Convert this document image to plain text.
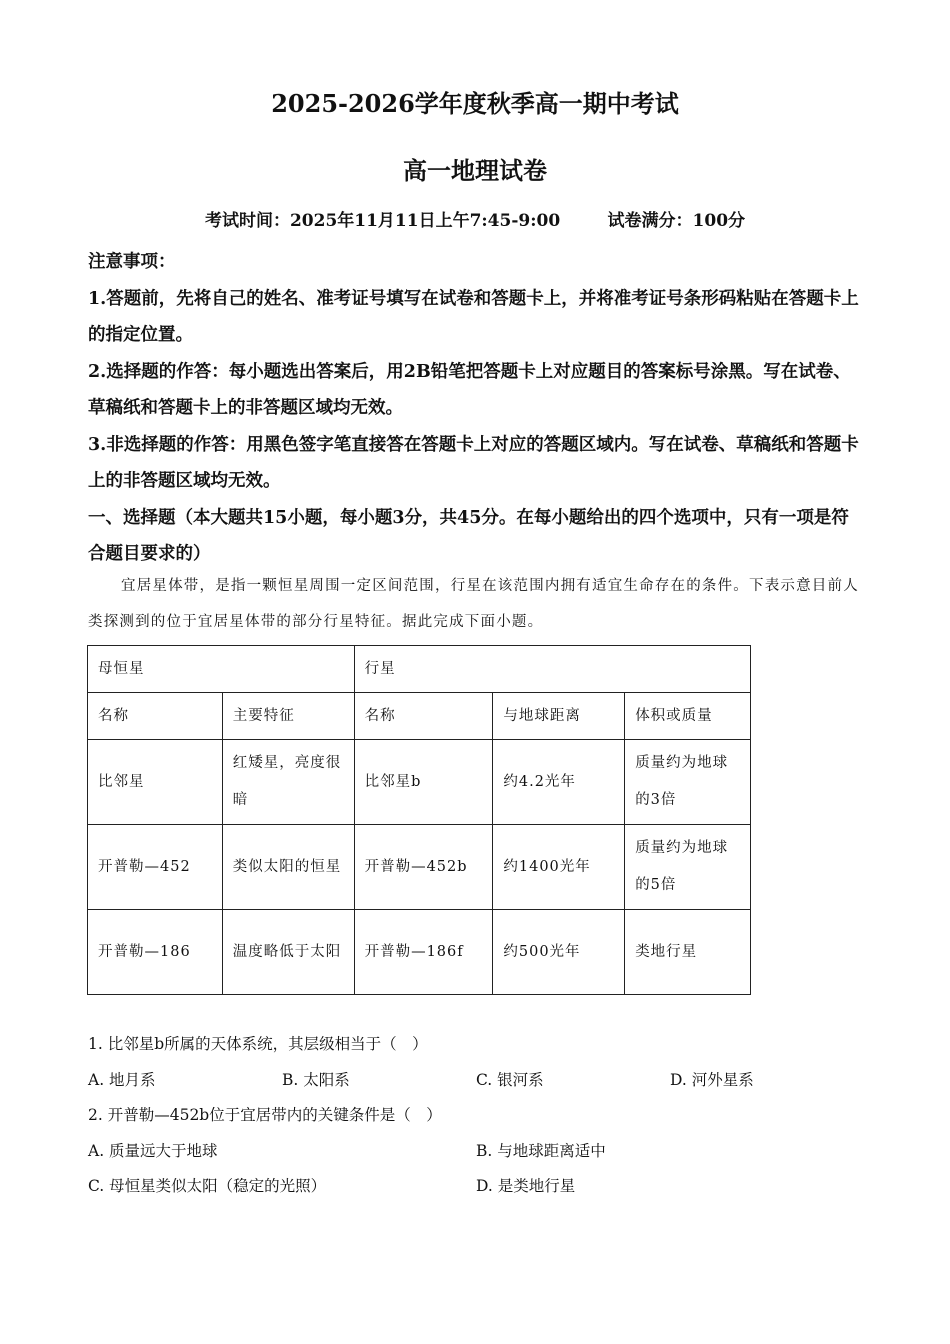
2025-2026学年度秋季高一期中考试
高一地理试卷
考试时间：2025年11月11日上午7:45-9:00	试卷满分：100分

注意事项：

1.答题前，先将自己的姓名、准考证号填写在试卷和答题卡上，并将准考证号条形码粘贴在答题卡上的指定位置。

2.选择题的作答：每小题选出答案后，用2B铅笔把答题卡上对应题目的答案标号涂黑。写在试卷、草稿纸和答题卡上的非答题区域均无效。

3.非选择题的作答：用黑色签字笔直接答在答题卡上对应的答题区域内。写在试卷、草稿纸和答题卡上的非答题区域均无效。

一、选择题（本大题共15小题，每小题3分，共45分。在每小题给出的四个选项中，只有一项是符合题目要求的）

宜居星体带，是指一颗恒星周围一定区间范围，行星在该范围内拥有适宜生命存在的条件。下表示意目前人类探测到的位于宜居星体带的部分行星特征。据此完成下面小题。

母恒星		行星		
名称	主要特征	名称	与地球距离	体积或质量
比邻星	红矮星，亮度很暗	比邻星b	约4.2光年	质量约为地球的3倍
开普勒—452	类似太阳的恒星	开普勒—452b	约1400光年	质量约为地球的5倍
开普勒—186	温度略低于太阳	开普勒—186f	约500光年	类地行星

1. 比邻星b所属的天体系统，其层级相当于（　）

A. 地月系	B. 太阳系	C. 银河系	D. 河外星系

2. 开普勒—452b位于宜居带内的关键条件是（　）

A. 质量远大于地球	B. 与地球距离适中
C. 母恒星类似太阳（稳定的光照）	D. 是类地行星
